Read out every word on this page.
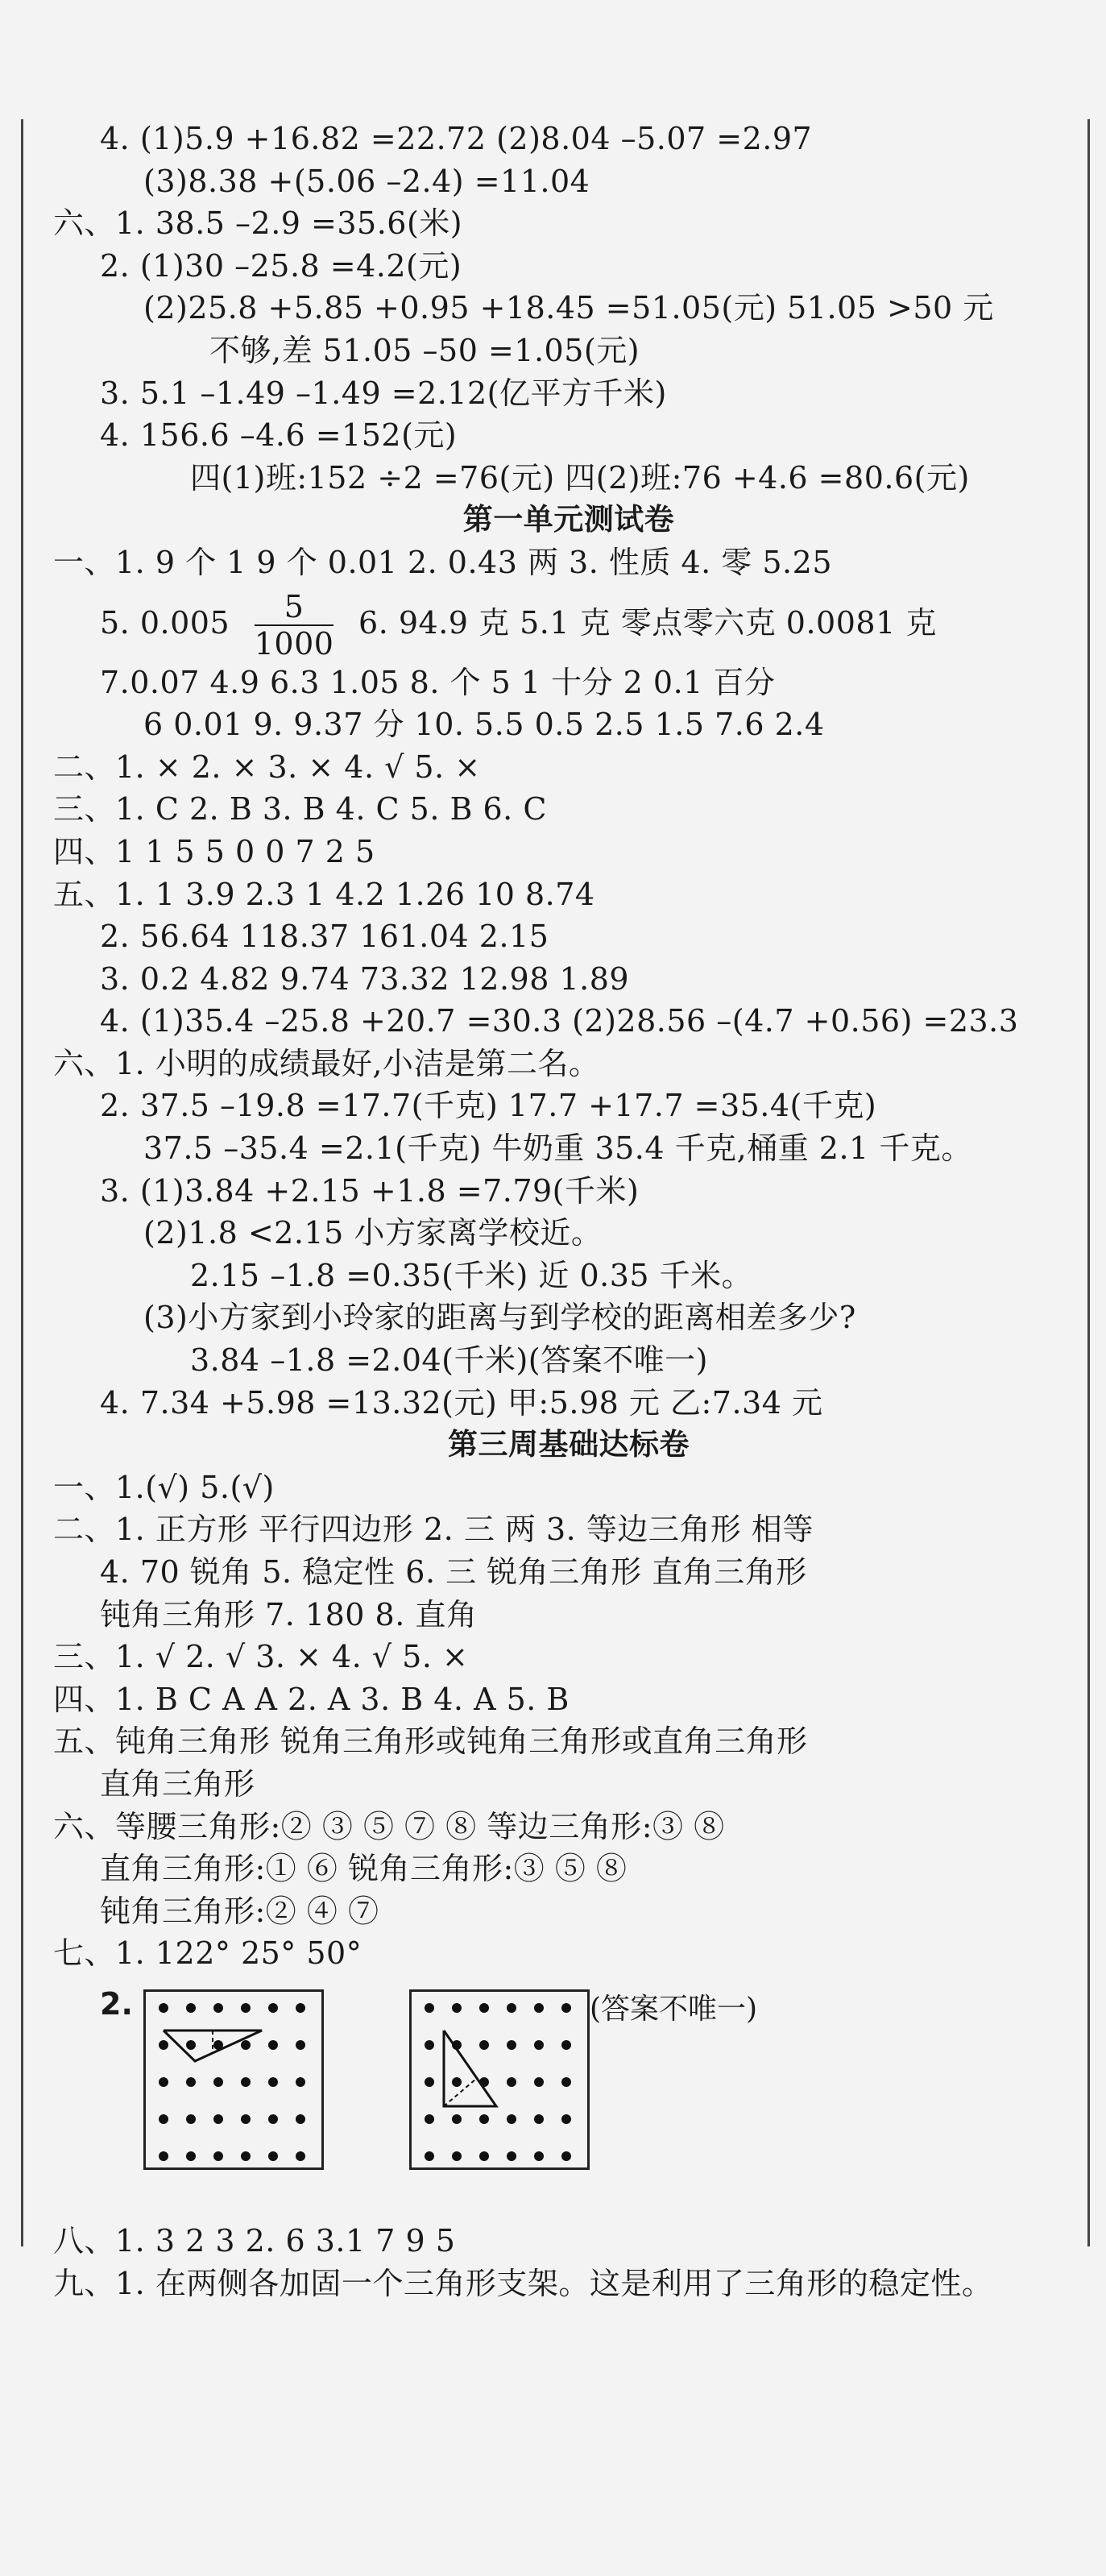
4. (1)5.9 +16.82 =22.72 (2)8.04 –5.07 =2.97
(3)8.38 +(5.06 –2.4) =11.04
六、1. 38.5 –2.9 =35.6(米)
2. (1)30 –25.8 =4.2(元)
(2)25.8 +5.85 +0.95 +18.45 =51.05(元) 51.05 >50 元
不够,差 51.05 –50 =1.05(元)
3. 5.1 –1.49 –1.49 =2.12(亿平方千米)
4. 156.6 –4.6 =152(元)
四(1)班:152 ÷2 =76(元) 四(2)班:76 +4.6 =80.6(元)
第一单元测试卷
一、1. 9 个 1 9 个 0.01 2. 0.43 两 3. 性质 4. 零 5.25
5. $0.005 \frac{5}{1000} 6$. 94.9 克 5.1 克 零点零六克 0.0081 克
7.0.07 4.9 6.3 1.05 8. 个 5 1 十分 2 0.1 百分
6 0.01 9. 9.37 分 10. 5.5 0.5 2.5 1.5 7.6 2.4
二、1. × 2. × 3. × 4. √ 5. ×
三、1. C 2. B 3. B 4. C 5. B 6. C
四、1 1 5 5 0 0 7 2 5
五、1. 1 3.9 2.3 1 4.2 1.26 10 8.74
2. 56.64 118.37 161.04 2.15
3. 0.2 4.82 9.74 73.32 12.98 1.89
4. (1)35.4 –25.8 +20.7 =30.3 (2)28.56 –(4.7 +0.56) =23.3
六、1. 小明的成绩最好,小洁是第二名。
2. 37.5 –19.8 =17.7(千克) 17.7 +17.7 =35.4(千克)
37.5 –35.4 =2.1(千克) 牛奶重 35.4 千克,桶重 2.1 千克。
3. (1)3.84 +2.15 +1.8 =7.79(千米)
(2)1.8 <2.15 小方家离学校近。
2.15 –1.8 =0.35(千米) 近 0.35 千米。
(3)小方家到小玲家的距离与到学校的距离相差多少?
3.84 –1.8 =2.04(千米)(答案不唯一)
4. 7.34 +5.98 =13.32(元) 甲:5.98 元 乙:7.34 元
第三周基础达标卷
一、1.(√) 5.(√)
二、1. 正方形 平行四边形 2. 三 两 3. 等边三角形 相等
4. 70 锐角 5. 稳定性 6. 三 锐角三角形 直角三角形
钝角三角形 7. 180 8. 直角
三、1. √ 2. √ 3. × 4. √ 5. ×
四、1. B C A A 2. A 3. B 4. A 5. B
五、钝角三角形 锐角三角形或钝角三角形或直角三角形
直角三角形
六、等腰三角形:② ③ ⑤ ⑦ ⑧ 等边三角形:③ ⑧
直角三角形:① ⑥ 锐角三角形:③ ⑤ ⑧
钝角三角形:② ④ ⑦
七、1. 122° 25° 50°
2.	(答案不唯一)
八、1. 3 2 3 2. 6 3.1 7 9 5
九、1. 在两侧各加固一个三角形支架。这是利用了三角形的稳定性。
